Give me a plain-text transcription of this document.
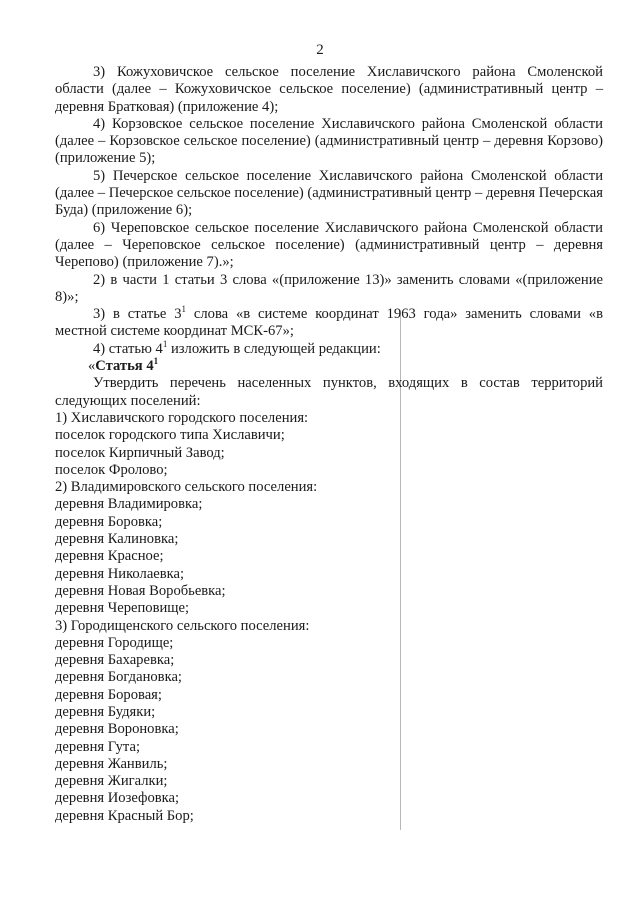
2

3) Кожуховичское сельское поселение Хиславичского района Смоленской области (далее – Кожуховичское сельское поселение) (административный центр – деревня Братковая) (приложение 4);

4) Корзовское сельское поселение Хиславичского района Смоленской области (далее – Корзовское сельское поселение) (административный центр – деревня Корзово) (приложение 5);

5) Печерское сельское поселение Хиславичского района Смоленской области (далее – Печерское сельское поселение) (административный центр – деревня Печерская Буда) (приложение 6);

6) Череповское сельское поселение Хиславичского района Смоленской области (далее – Череповское сельское поселение) (административный центр – деревня Черепово) (приложение 7).»;

2) в части 1 статьи 3 слова «(приложение 13)» заменить словами «(приложение 8)»;

3) в статье $3^1$ слова «в системе координат 1963 года» заменить словами «в местной системе координат МСК-67»;

4) статью $4^1$ изложить в следующей редакции:

«Статья $4^1$

Утвердить перечень населенных пунктов, входящих в состав территорий следующих поселений:

1) Хиславичского городского поселения:

поселок городского типа Хиславичи;

поселок Кирпичный Завод;

поселок Фролово;

2) Владимировского сельского поселения:

деревня Владимировка;

деревня Боровка;

деревня Калиновка;

деревня Красное;

деревня Николаевка;

деревня Новая Воробьевка;

деревня Череповище;

3) Городищенского сельского поселения:

деревня Городище;

деревня Бахаревка;

деревня Богдановка;

деревня Боровая;

деревня Будяки;

деревня Вороновка;

деревня Гута;

деревня Жанвиль;

деревня Жигалки;

деревня Иозефовка;

деревня Красный Бор;
